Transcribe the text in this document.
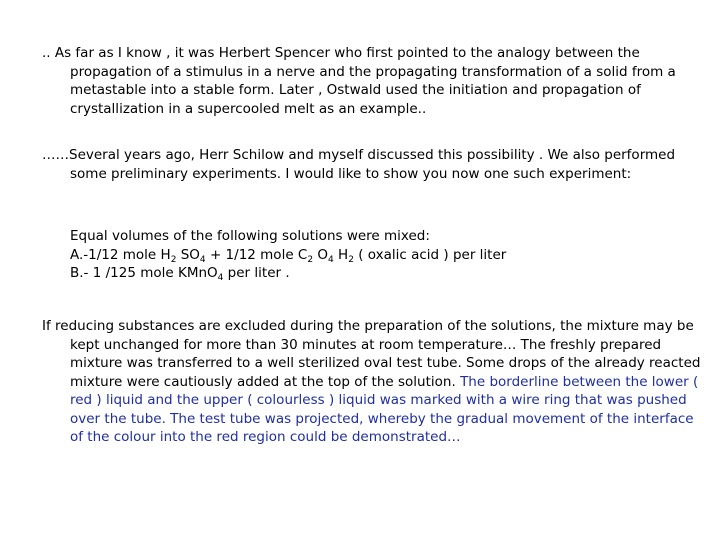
.. As far as I know , it was Herbert Spencer who first pointed to the analogy between the propagation of a stimulus in a nerve and the propagating transformation of a solid from a metastable into a stable form. Later , Ostwald used the initiation and propagation of crystallization in a supercooled melt as an example..

……Several years ago, Herr Schilow and myself discussed this possibility . We also performed some preliminary experiments. I would like to show you now one such experiment:

Equal volumes of the following solutions were mixed:
A.-1/12 mole $H_2$ $SO_4 + 1/12$ mole $C_2$ $O_4$ $H_2$ ( oxalic acid ) per liter
B.- 1 /125 mole KMnO$_4$ per liter .

If reducing substances are excluded during the preparation of the solutions, the mixture may be kept unchanged for more than 30 minutes at room temperature… The freshly prepared mixture was transferred to a well sterilized oval test tube. Some drops of the already reacted mixture were cautiously added at the top of the solution. The borderline between the lower ( red ) liquid and the upper ( colourless ) liquid was marked with a wire ring that was pushed over the tube. The test tube was projected, whereby the gradual movement of the interface of the colour into the red region could be demonstrated…
